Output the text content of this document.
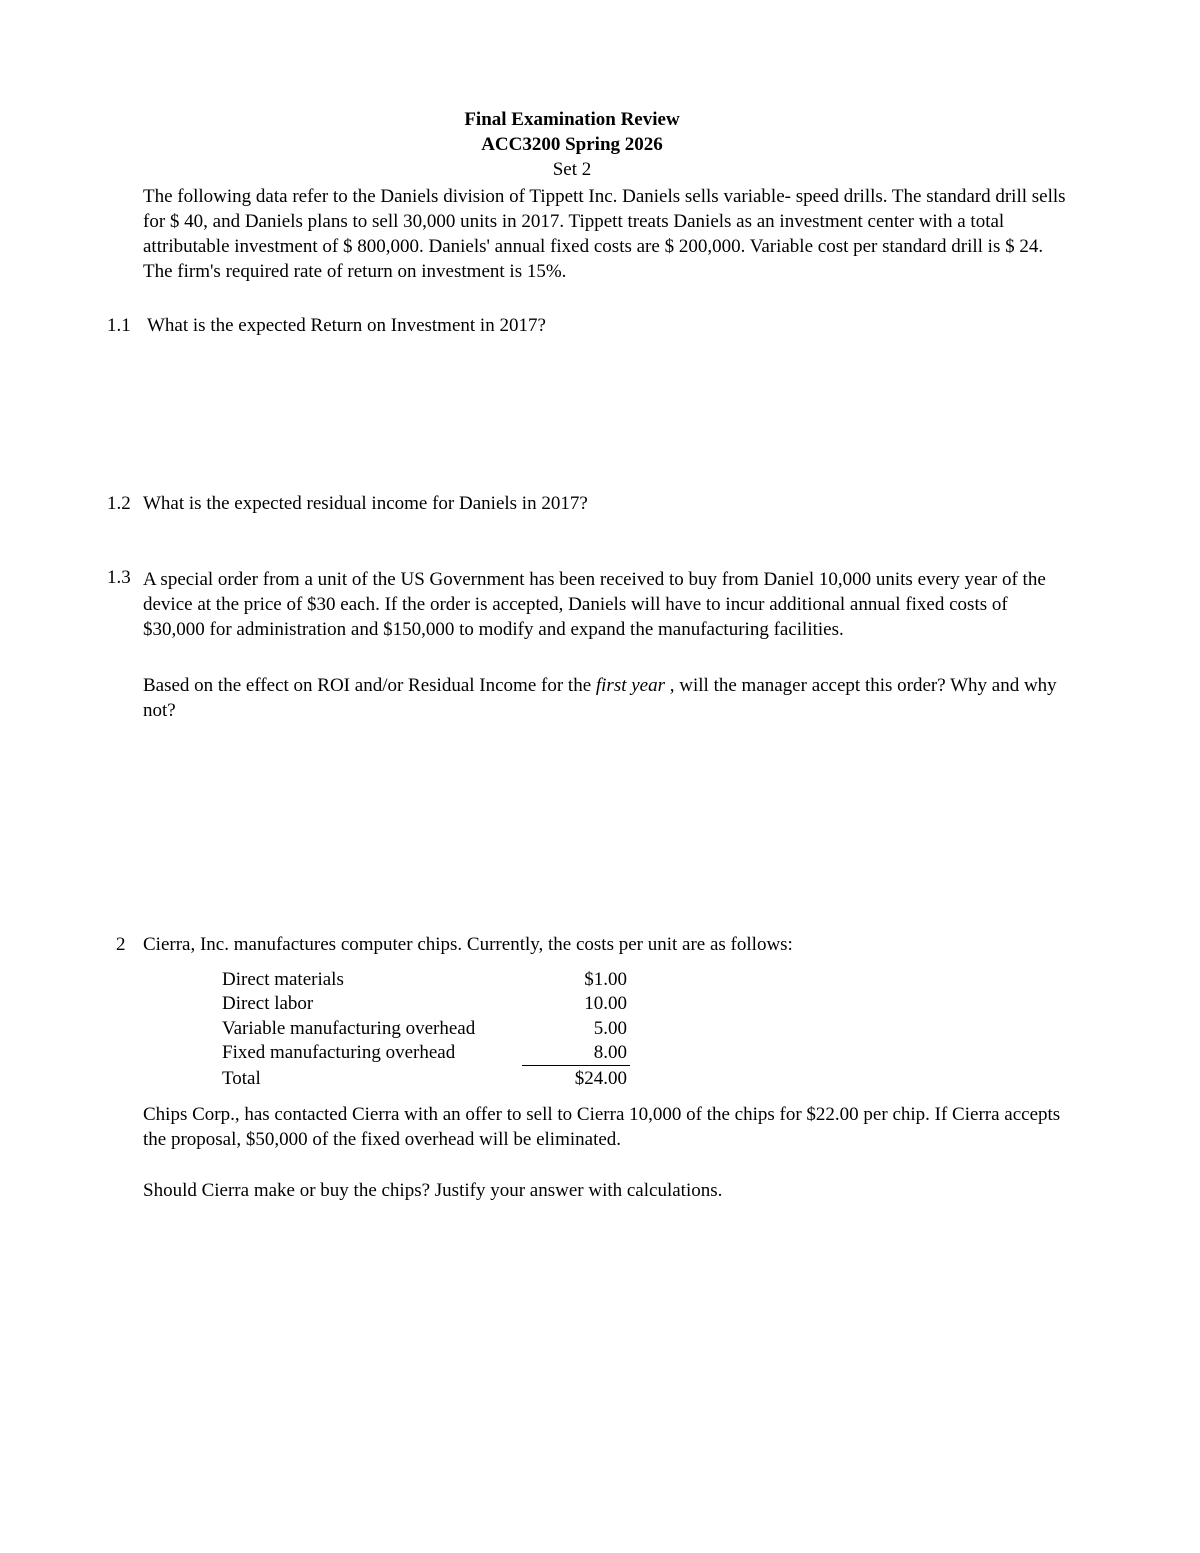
Final Examination Review
ACC3200 Spring 2026
Set 2
The following data refer to the Daniels division of Tippett Inc. Daniels sells variable- speed drills. The standard drill sells for $ 40, and Daniels plans to sell 30,000 units in 2017. Tippett treats Daniels as an investment center with a total attributable investment of $ 800,000. Daniels' annual fixed costs are $ 200,000. Variable cost per standard drill is $ 24. The firm's required rate of return on investment is 15%.
1.1 What is the expected Return on Investment in 2017?
1.2 What is the expected residual income for Daniels in 2017?
1.3 A special order from a unit of the US Government has been received to buy from Daniel 10,000 units every year of the device at the price of $30 each. If the order is accepted, Daniels will have to incur additional annual fixed costs of $30,000 for administration and $150,000 to modify and expand the manufacturing facilities.
Based on the effect on ROI and/or Residual Income for the first year , will the manager accept this order? Why and why not?
2 Cierra, Inc. manufactures computer chips. Currently, the costs per unit are as follows:
Direct materials	$1.00
Direct labor	10.00
Variable manufacturing overhead	5.00
Fixed manufacturing overhead	8.00
Total	$24.00
Chips Corp., has contacted Cierra with an offer to sell to Cierra 10,000 of the chips for $22.00 per chip. If Cierra accepts the proposal, $50,000 of the fixed overhead will be eliminated.
Should Cierra make or buy the chips? Justify your answer with calculations.
